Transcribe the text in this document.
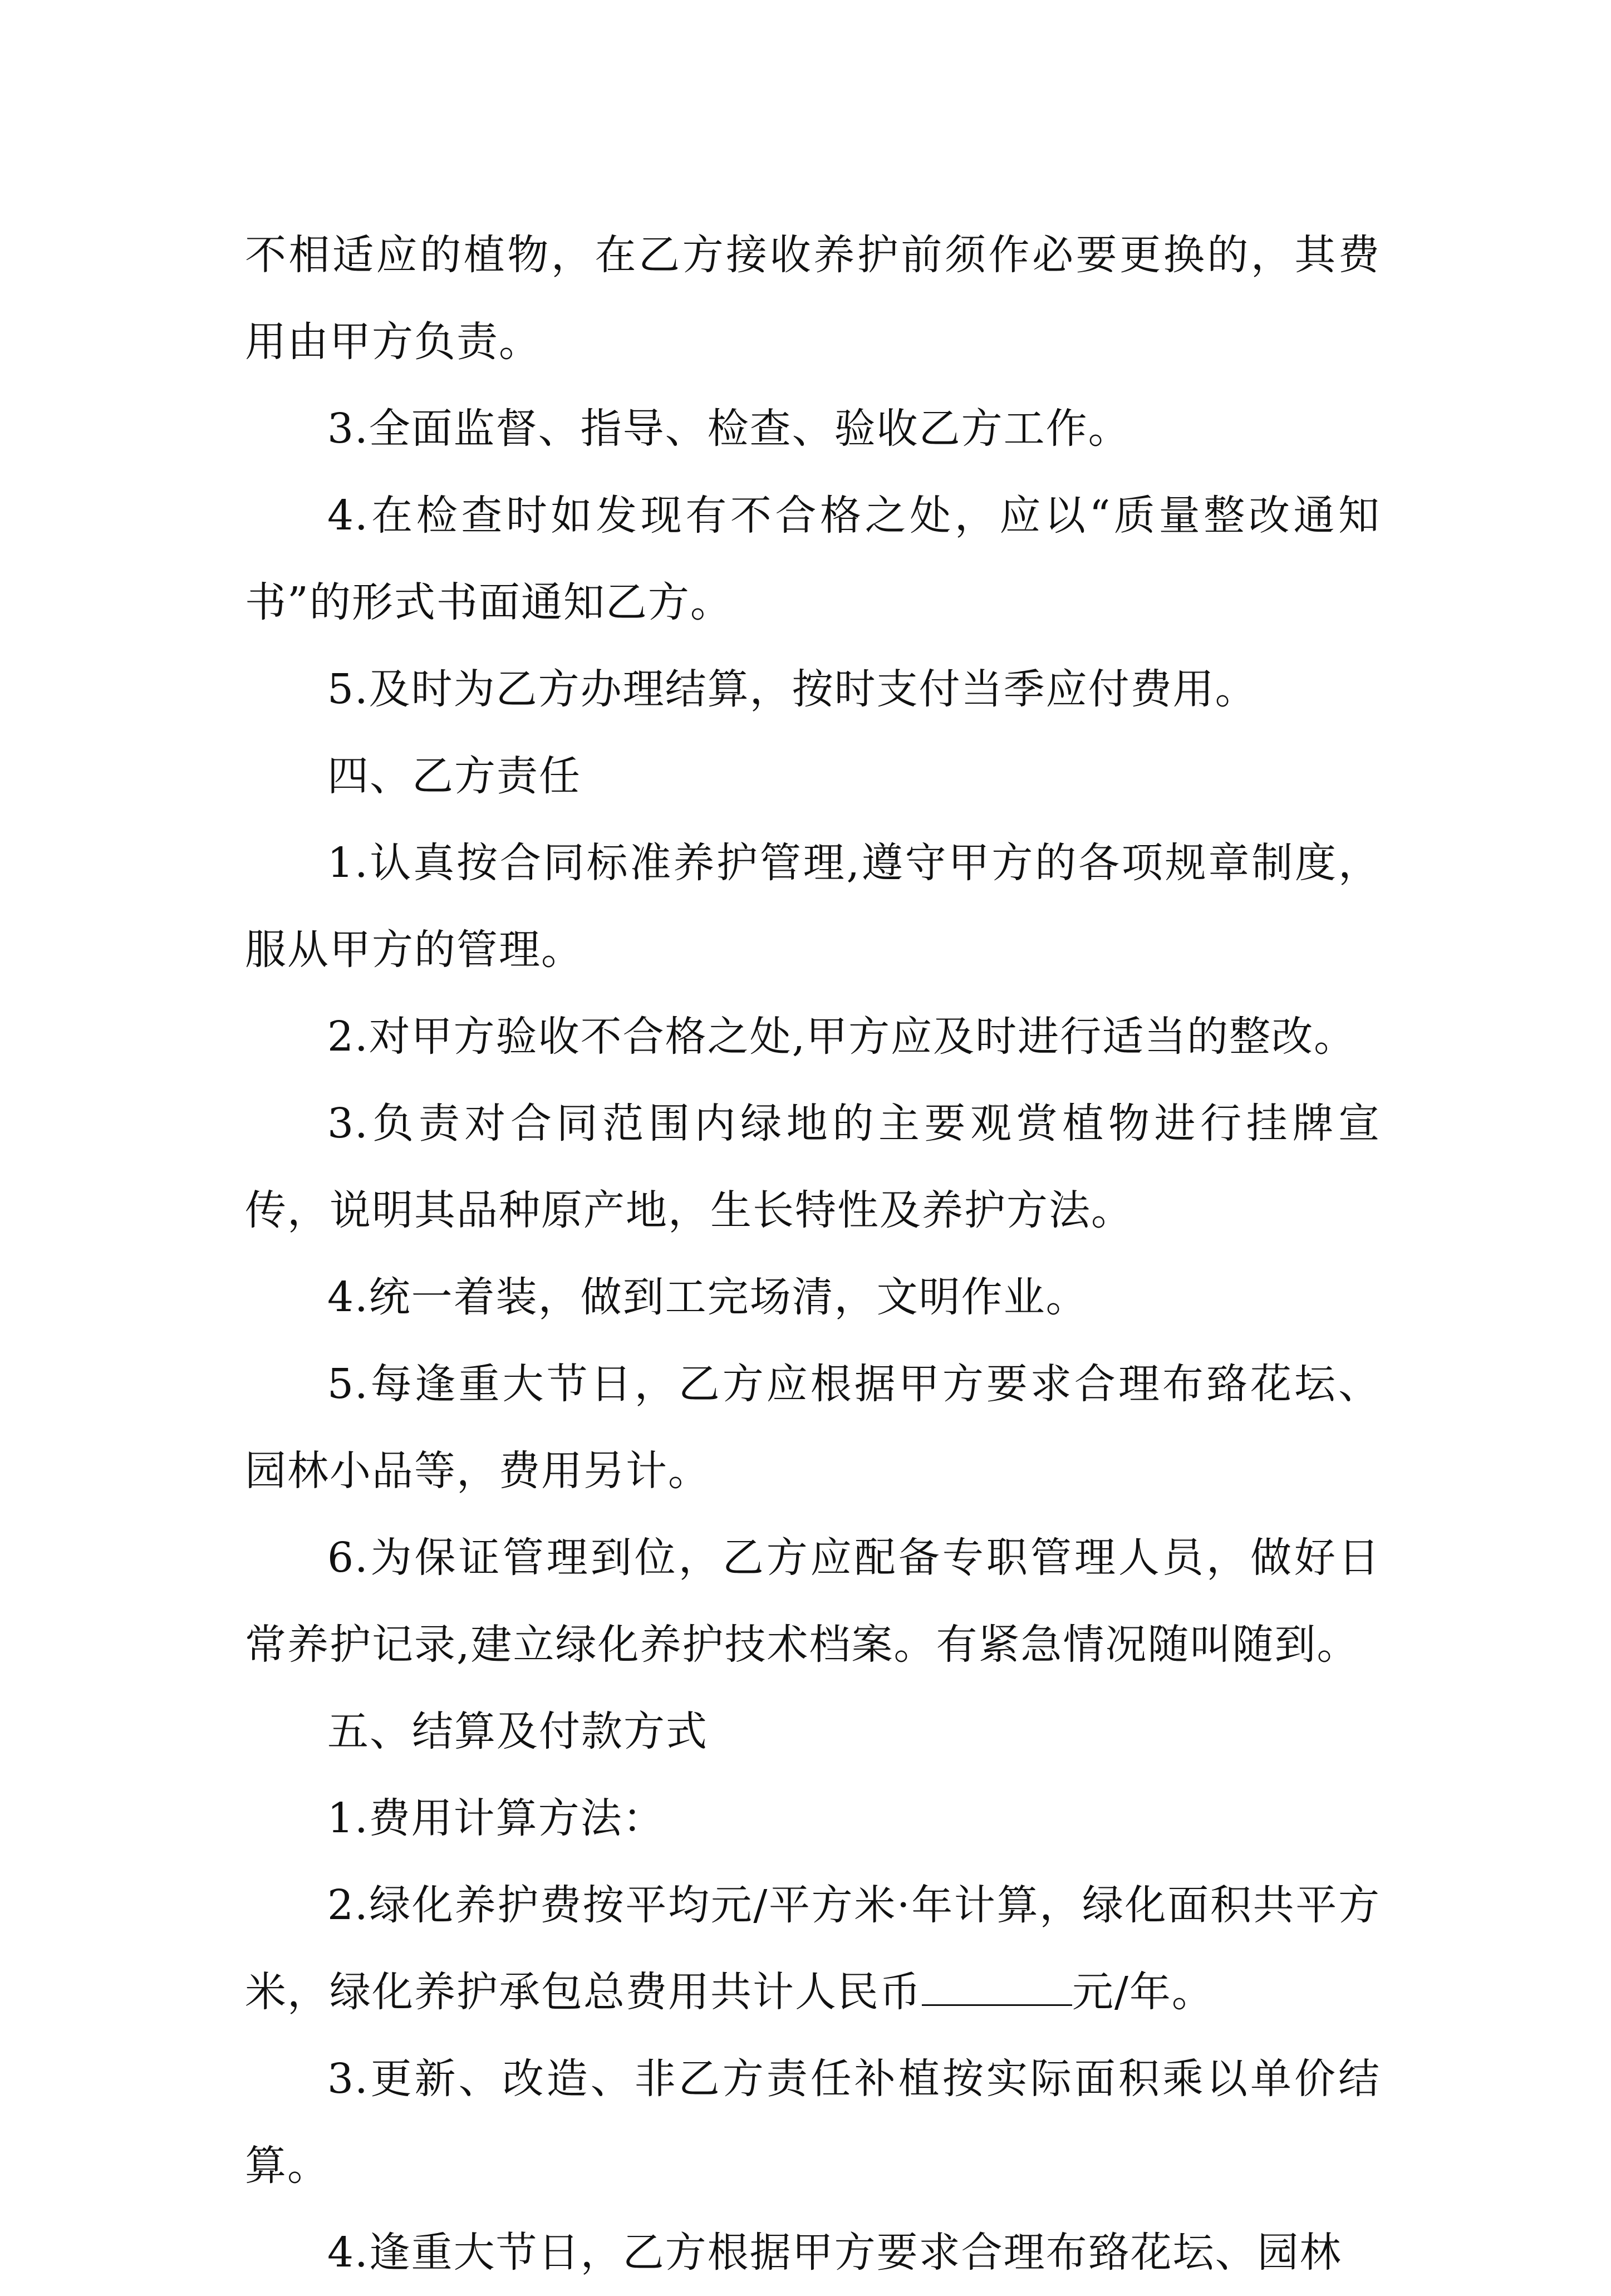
不相适应的植物，在乙方接收养护前须作必要更换的，其费用由甲方负责。

3.全面监督、指导、检查、验收乙方工作。

4.在检查时如发现有不合格之处，应以“质量整改通知书”的形式书面通知乙方。

5.及时为乙方办理结算，按时支付当季应付费用。

四、乙方责任

1.认真按合同标准养护管理,遵守甲方的各项规章制度，服从甲方的管理。

2.对甲方验收不合格之处,甲方应及时进行适当的整改。

3.负责对合同范围内绿地的主要观赏植物进行挂牌宣传，说明其品种原产地，生长特性及养护方法。

4.统一着装，做到工完场清，文明作业。

5.每逢重大节日，乙方应根据甲方要求合理布臵花坛、园林小品等，费用另计。

6.为保证管理到位，乙方应配备专职管理人员，做好日常养护记录,建立绿化养护技术档案。有紧急情况随叫随到。

五、结算及付款方式

1.费用计算方法：

2.绿化养护费按平均元/平方米·年计算，绿化面积共平方米，绿化养护承包总费用共计人民币	元/年。

3.更新、改造、非乙方责任补植按实际面积乘以单价结算。

4.逢重大节日，乙方根据甲方要求合理布臵花坛、园林
